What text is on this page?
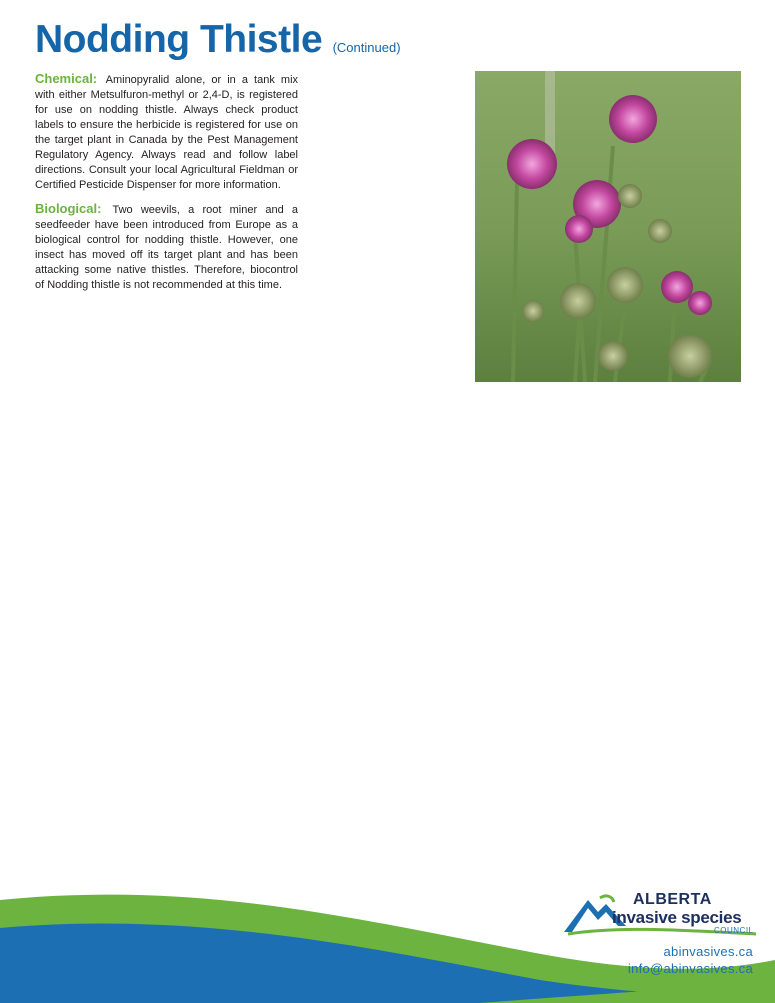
Nodding Thistle (Continued)

Chemical: Aminopyralid alone, or in a tank mix with either Metsulfuron-methyl or 2,4-D, is registered for use on nodding thistle. Always check product labels to ensure the herbicide is registered for use on the target plant in Canada by the Pest Management Regulatory Agency. Always read and follow label directions. Consult your local Agricultural Fieldman or Certified Pesticide Dispenser for more information.

Biological: Two weevils, a root miner and a seedfeeder have been introduced from Europe as a biological control for nodding thistle. However, one insect has moved off its target plant and has been attacking some native thistles. Therefore, biocontrol of Nodding thistle is not recommended at this time.

ALBERTA
invasive species
COUNCIL
abinvasives.ca
info@abinvasives.ca
